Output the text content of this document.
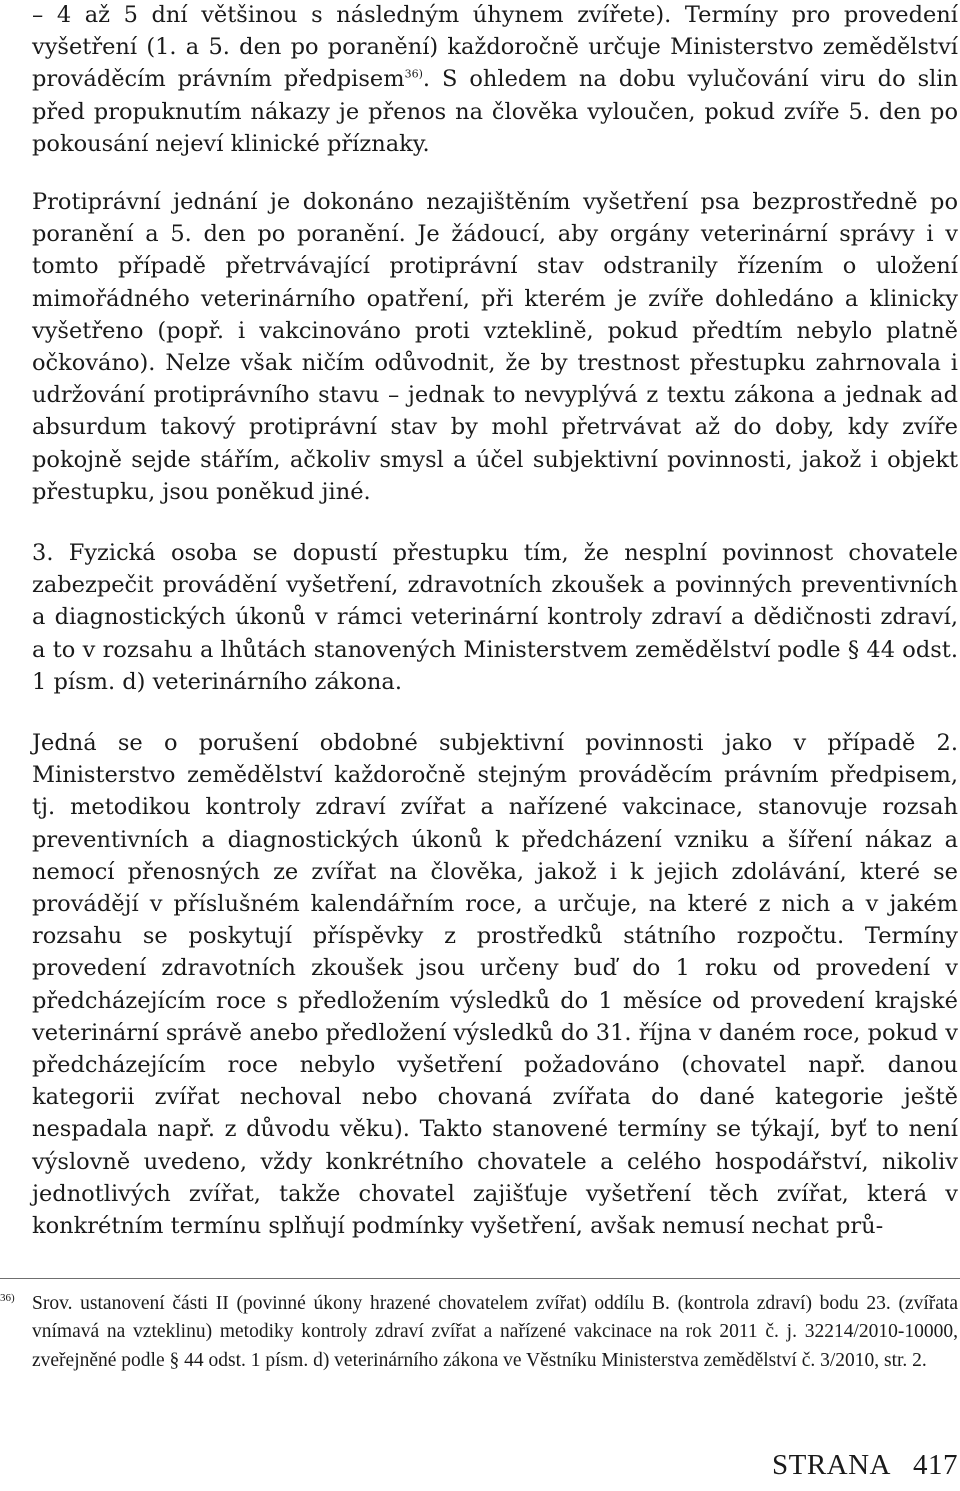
– 4 až 5 dní většinou s následným úhynem zvířete). Termíny pro provedení vyšetření (1. a 5. den po poranění) každoročně určuje Ministerstvo zemědělství prováděcím právním předpisem$^{36)}$. S ohledem na dobu vylučování viru do slin před propuknutím nákazy je přenos na člověka vyloučen, pokud zvíře 5. den po pokousání nejeví klinické příznaky.

Protiprávní jednání je dokonáno nezajištěním vyšetření psa bezprostředně po poranění a 5. den po poranění. Je žádoucí, aby orgány veterinární správy i v tomto případě přetrvávající protiprávní stav odstranily řízením o uložení mimořádného veterinárního opatření, při kterém je zvíře dohledáno a klinicky vyšetřeno (popř. i vakcinováno proti vzteklině, pokud předtím nebylo platně očkováno). Nelze však ničím odůvodnit, že by trestnost přestupku zahrnovala i udržování protiprávního stavu – jednak to nevyplývá z textu zákona a jednak ad absurdum takový protiprávní stav by mohl přetrvávat až do doby, kdy zvíře pokojně sejde stářím, ačkoliv smysl a účel subjektivní povinnosti, jakož i objekt přestupku, jsou poněkud jiné.

3. Fyzická osoba se dopustí přestupku tím, že nesplní povinnost chovatele zabezpečit provádění vyšetření, zdravotních zkoušek a povinných preventivních a diagnostických úkonů v rámci veterinární kontroly zdraví a dědičnosti zdraví, a to v rozsahu a lhůtách stanovených Ministerstvem zemědělství podle § 44 odst. 1 písm. d) veterinárního zákona.

Jedná se o porušení obdobné subjektivní povinnosti jako v případě 2. Ministerstvo zemědělství každoročně stejným prováděcím právním předpisem, tj. metodikou kontroly zdraví zvířat a nařízené vakcinace, stanovuje rozsah preventivních a diagnostických úkonů k předcházení vzniku a šíření nákaz a nemocí přenosných ze zvířat na člověka, jakož i k jejich zdolávání, které se provádějí v příslušném kalendářním roce, a určuje, na které z nich a v jakém rozsahu se poskytují příspěvky z prostředků státního rozpočtu. Termíny provedení zdravotních zkoušek jsou určeny buď do 1 roku od provedení v předcházejícím roce s předložením výsledků do 1 měsíce od provedení krajské veterinární správě anebo předložení výsledků do 31. října v daném roce, pokud v předcházejícím roce nebylo vyšetření požadováno (chovatel např. danou kategorii zvířat nechoval nebo chovaná zvířata do dané kategorie ještě nespadala např. z důvodu věku). Takto stanovené termíny se týkají, byť to není výslovně uvedeno, vždy konkrétního chovatele a celého hospodářství, nikoliv jednotlivých zvířat, takže chovatel zajišťuje vyšetření těch zvířat, která v konkrétním termínu splňují podmínky vyšetření, avšak nemusí nechat prů-

36) Srov. ustanovení části II (povinné úkony hrazené chovatelem zvířat) oddílu B. (kontrola zdraví) bodu 23. (zvířata vnímavá na vzteklinu) metodiky kontroly zdraví zvířat a nařízené vakcinace na rok 2011 č. j. 32214/2010-10000, zveřejněné podle § 44 odst. 1 písm. d) veterinárního zákona ve Věstníku Ministerstva zemědělství č. 3/2010, str. 2.
STRANA 417
